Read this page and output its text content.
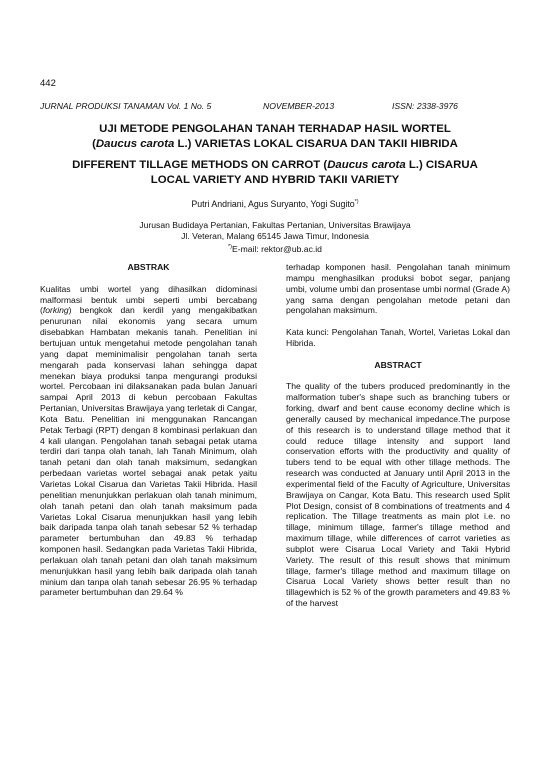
442
JURNAL PRODUKSI TANAMAN Vol. 1 No. 5	NOVEMBER-2013	ISSN: 2338-3976
UJI METODE PENGOLAHAN TANAH TERHADAP HASIL WORTEL
(Daucus carota L.) VARIETAS LOKAL CISARUA DAN TAKII HIBRIDA
DIFFERENT TILLAGE METHODS ON CARROT (Daucus carota L.) CISARUA
LOCAL VARIETY AND HYBRID TAKII VARIETY
Putri Andriani, Agus Suryanto, Yogi Sugito*)
Jurusan Budidaya Pertanian, Fakultas Pertanian, Universitas Brawijaya
Jl. Veteran, Malang 65145 Jawa Timur, Indonesia
*)E-mail: rektor@ub.ac.id
ABSTRAK

Kualitas umbi wortel yang dihasilkan didominasi malformasi bentuk umbi seperti umbi bercabang (forking) bengkok dan kerdil yang mengakibatkan penurunan nilai ekonomis yang secara umum disebabkan Hambatan mekanis tanah. Penelitian ini bertujuan untuk mengetahui metode pengolahan tanah yang dapat meminimalisir pengolahan tanah serta mengarah pada konservasi lahan sehingga dapat menekan biaya produksi tanpa mengurangi produksi wortel. Percobaan ini dilaksanakan pada bulan Januari sampai April 2013 di kebun percobaan Fakultas Pertanian, Universitas Brawijaya yang terletak di Cangar, Kota Batu. Penelitian ini menggunakan Rancangan Petak Terbagi (RPT) dengan 8 kombinasi perlakuan dan 4 kali ulangan. Pengolahan tanah sebagai petak utama terdiri dari tanpa olah tanah, lah Tanah Minimum, olah tanah petani dan olah tanah maksimum, sedangkan perbedaan varietas wortel sebagai anak petak yaitu Varietas Lokal Cisarua dan Varietas Takii Hibrida. Hasil penelitian menunjukkan perlakuan olah tanah minimum, olah tanah petani dan olah tanah maksimum pada Varietas Lokal Cisarua menunjukkan hasil yang lebih baik daripada tanpa olah tanah sebesar 52 % terhadap parameter bertumbuhan dan 49.83 % terhadap komponen hasil. Sedangkan pada Varietas Takii Hibrida, perlakuan olah tanah petani dan olah tanah maksimum menunjukkan hasil yang lebih baik daripada olah tanah minium dan tanpa olah tanah sebesar 26.95 % terhadap parameter bertumbuhan dan 29.64 %

terhadap komponen hasil. Pengolahan tanah minimum mampu menghasilkan produksi bobot segar, panjang umbi, volume umbi dan prosentase umbi normal (Grade A) yang sama dengan pengolahan metode petani dan pengolahan maksimum.

Kata kunci: Pengolahan Tanah, Wortel, Varietas Lokal dan Hibrida.

ABSTRACT

The quality of the tubers produced predominantly in the malformation tuber's shape such as branching tubers or forking, dwarf and bent cause economy decline which is generally caused by mechanical impedance.The purpose of this research is to understand tillage method that it could reduce tillage intensity and support land conservation efforts with the productivity and quality of tubers tend to be equal with other tillage methods. The research was conducted at January until April 2013 in the experimental field of the Faculty of Agriculture, Universitas Brawijaya on Cangar, Kota Batu. This research used Split Plot Design, consist of 8 combinations of treatments and 4 replication. The Tillage treatments as main plot i.e. no tillage, minimum tillage, farmer's tillage method and maximum tillage, while differences of carrot varieties as subplot were Cisarua Local Variety and Takii Hybrid Variety. The result of this result shows that minimum tillage, farmer's tillage method and maximum tillage on Cisarua Local Variety shows better result than no tillagewhich is 52 % of the growth parameters and 49.83 % of the harvest
